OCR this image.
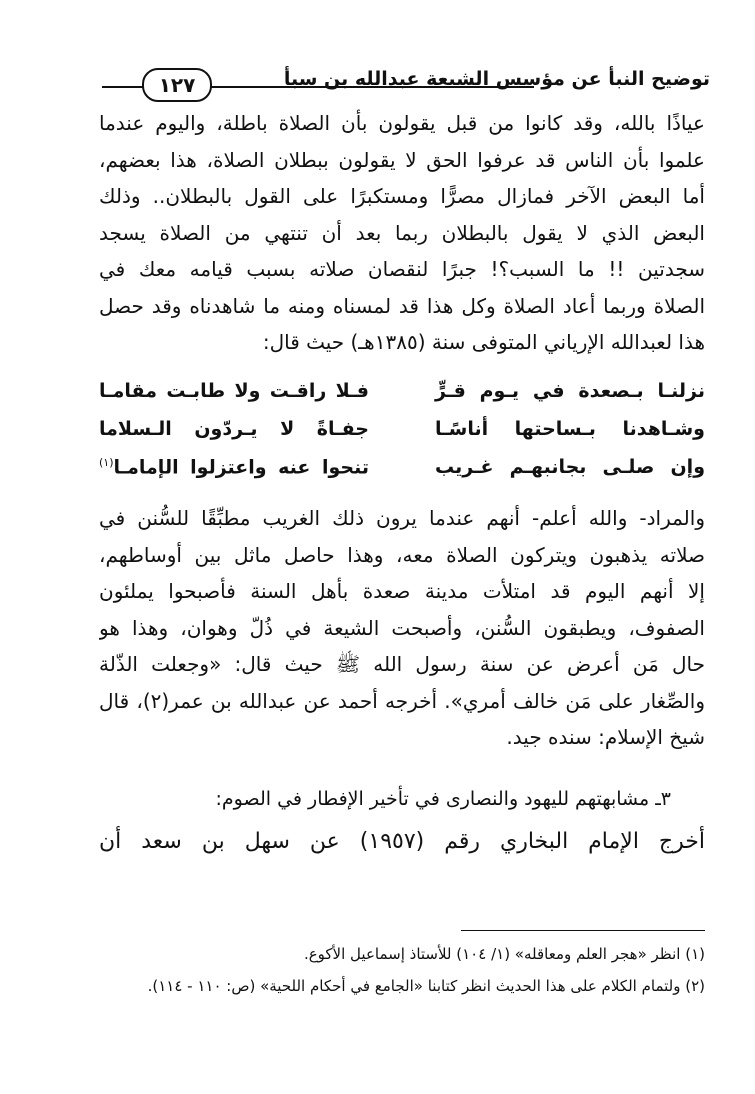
توضيح النبأ عن مؤسس الشيعة عبدالله بن سبأ
١٢٧
عياذًا بالله، وقد كانوا من قبل يقولون بأن الصلاة باطلة، واليوم عندما
علموا بأن الناس قد عرفوا الحق لا يقولون ببطلان الصلاة، هذا بعضهم،
أما البعض الآخر فمازال مصرًّا ومستكبرًا على القول بالبطلان.. وذلك
البعض الذي لا يقول بالبطلان ربما بعد أن تنتهي من الصلاة يسجد
سجدتين !! ما السبب؟! جبرًا لنقصان صلاته بسبب قيامه معك في
الصلاة وربما أعاد الصلاة وكل هذا قد لمسناه ومنه ما شاهدناه وقد حصل
هذا لعبدالله الإرياني المتوفى سنة (١٣٨٥هـ) حيث قال:
نزلنـا بـصعدة في يـوم قـرٍّ
فـلا راقـت ولا طابـت مقامـا
وشـاهدنا بـساحتها أناسًـا
جفـاةً لا يـردّون الـسلاما
وإن صلـى بجانبهـم غـريب
تنحوا عنه واعتزلوا الإمامـا$^{(١)}$
والمراد- والله أعلم- أنهم عندما يرون ذلك الغريب مطبِّقًا للسُّنن في
صلاته يذهبون ويتركون الصلاة معه، وهذا حاصل ماثل بين أوساطهم،
إلا أنهم اليوم قد امتلأت مدينة صعدة بأهل السنة فأصبحوا يملئون
الصفوف، ويطبقون السُّنن، وأصبحت الشيعة في ذُلّ وهوان، وهذا هو
حال مَن أعرض عن سنة رسول الله ﷺ حيث قال: «وجعلت الذّلة
والصِّغار على مَن خالف أمري». أخرجه أحمد عن عبدالله بن عمر(٢)، قال
شيخ الإسلام: سنده جيد.
٣ـ مشابهتهم لليهود والنصارى في تأخير الإفطار في الصوم:
أخرج الإمام البخاري رقم (١٩٥٧) عن سهل بن سعد أن
(١) انظر «هجر العلم ومعاقله» (١/ ١٠٤) للأستاذ إسماعيل الأكوع.
(٢) ولتمام الكلام على هذا الحديث انظر كتابنا «الجامع في أحكام اللحية» (ص: ١١٠ - ١١٤).
